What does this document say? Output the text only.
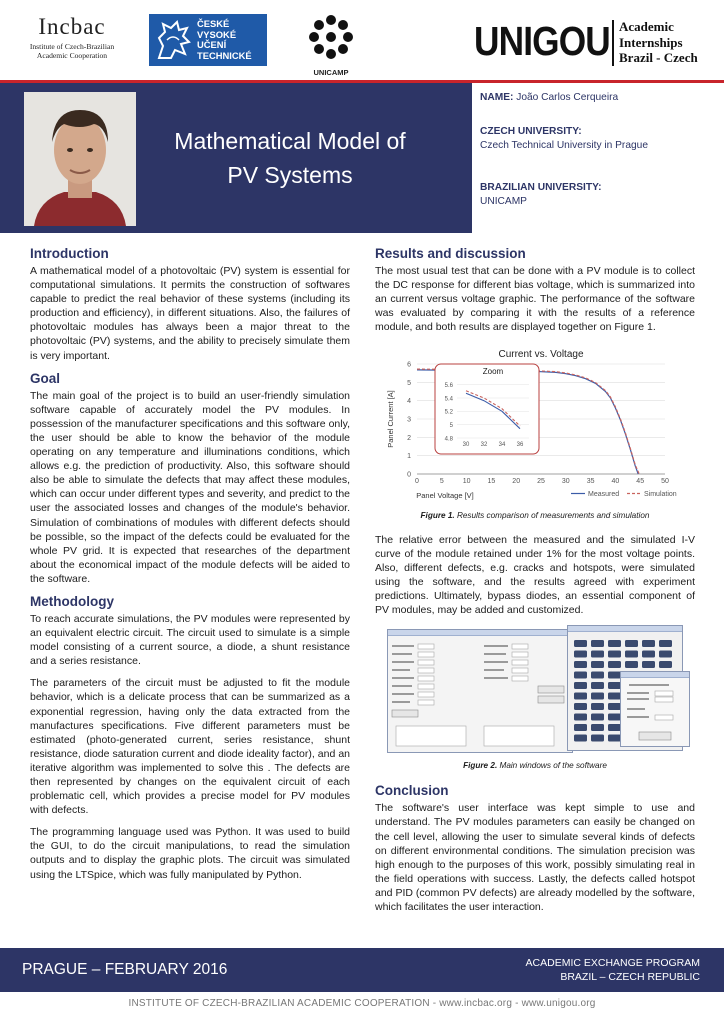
Incbac
Institute of Czech-Brazilian
Academic Cooperation
ČESKÉ
VYSOKÉ
UČENÍ
TECHNICKÉ
UNICAMP
UNIGOU Academic
Internships
Brazil - Czech
Mathematical Model of
PV Systems
NAME: João Carlos Cerqueira
CZECH UNIVERSITY:
Czech Technical University in Prague
BRAZILIAN UNIVERSITY:
UNICAMP
Introduction

A mathematical model of a photovoltaic (PV) system is essential for computational simulations. It permits the construction of softwares capable to predict the real behavior of these systems (including its production and efficiency), in different situations. Also, the failures of photovoltaic modules has always been a major threat to the photovoltaic (PV) systems, and the ability to precisely simulate them is very important.

Goal

The main goal of the project is to build an user-friendly simulation software capable of accurately model the PV modules. In possession of the manufacturer specifications and this software only, the user should be able to know the behavior of the module operating on any temperature and illuminations conditions, which allows e.g. the prediction of productivity. Also, this software should also be able to simulate the defects that may affect these modules, which can occur under different types and severity, and predict to the user the associated losses and changes of the module's behavior. Simulation of combinations of modules with different defects should be possible, so the impact of the defects could be evaluated for the whole PV grid. It is expected that researches of the department about the economical impact of the module defects will be aided to the software.

Methodology

To reach accurate simulations, the PV modules were represented by an equivalent electric circuit. The circuit used to simulate is a simple model consisting of a current source, a diode, a shunt resistance and a series resistance.

The parameters of the circuit must be adjusted to fit the module behavior, which is a delicate process that can be summarized as a exponential regression, having only the data extracted from the manufactures specifications. Five different parameters must be estimated (photo-generated current, series resistance, shunt resistance, diode saturation current and diode ideality factor), and an iterative algorithm was implemented to solve this . The defects are then represented by changes on the equivalent circuit of each problematic cell, which provides a precise model for PV modules with defects.

The programming language used was Python. It was used to build the GUI, to do the circuit manipulations, to read the simulation outputs and to display the graphic plots. The circuit was simulated using the LTSpice, which was fully manipulated by Python.

Results and discussion

The most usual test that can be done with a PV module is to collect the DC response for different bias voltage, which is summarized into an current versus voltage graphic. The performance of the software was evaluated by comparing it with the results of a reference module, and both results are displayed together on Figure 1.

Current vs. Voltage
0
1
2
3
4
5
6
0	5	10 15 20 25 30 35 40 45 50
Panel Voltage [V]
Panel Current [A]
Zoom
4.8
5
5.2
5.4
5.6
30 32 34 36
Measured	Simulation
Figure 1. Results comparison of measurements and simulation

The relative error between the measured and the simulated I-V curve of the module retained under 1% for the most voltage points. Also, different defects, e.g. cracks and hotspots, were simulated using the software, and the results agreed with experiment predictions. Ultimately, bypass diodes, an essential component of PV modules, may be added and customized.

Figure 2. Main windows of the software
Conclusion

The software's user interface was kept simple to use and understand. The PV modules parameters can easily be changed on the cell level, allowing the user to simulate several kinds of defects on different environmental conditions. The simulation precision was high enough to the purposes of this work, possibly simulating real in the field operations with success. Lastly, the defects called hotspot and PID (common PV defects) are already modelled by the software, which facilitates the user interaction.

PRAGUE – FEBRUARY 2016	ACADEMIC EXCHANGE PROGRAM
BRAZIL – CZECH REPUBLIC
INSTITUTE OF CZECH-BRAZILIAN ACADEMIC COOPERATION - www.incbac.org - www.unigou.org
